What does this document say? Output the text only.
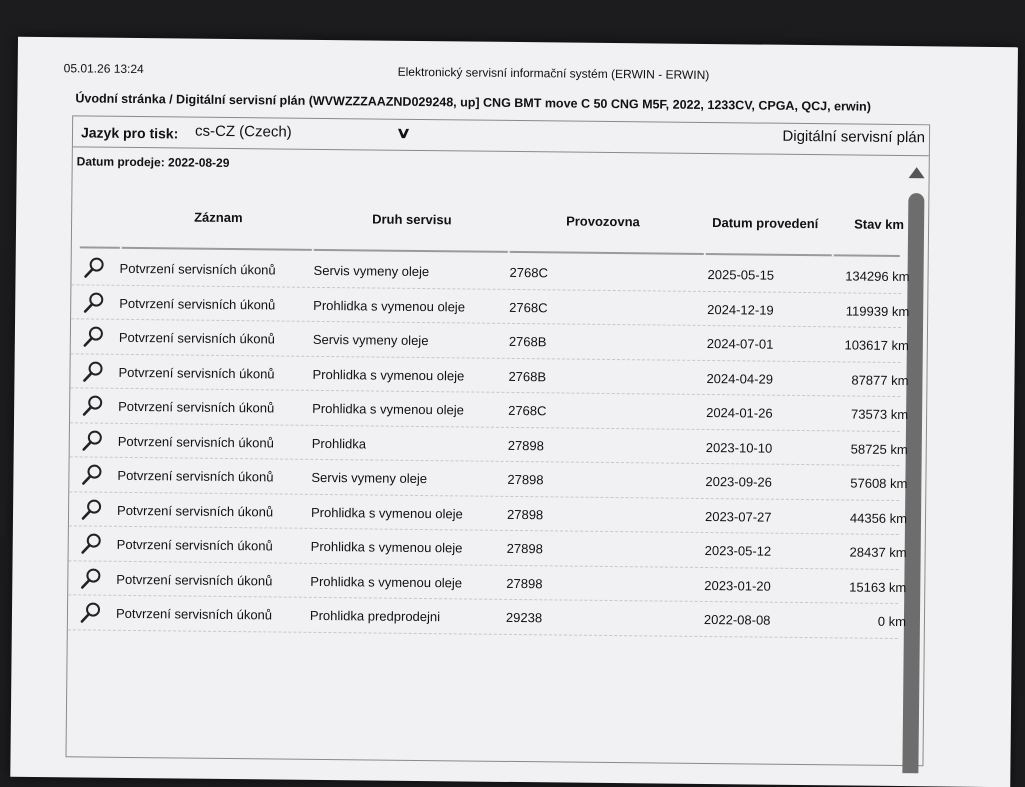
05.01.26 13:24	Elektronický servisní informační systém (ERWIN - ERWIN)
Úvodní stránka / Digitální servisní plán (WVWZZZAAZND029248, up] CNG BMT move C 50 CNG M5F, 2022, 1233CV, CPGA, QCJ, erwin)
Jazyk pro tisk: cs-CZ (Czech)	∨	Digitální servisní plán
Datum prodeje: 2022-08-29
Záznam	Druh servisu	Provozovna	Datum provedení	Stav km
Potvrzení servisních úkonů	Servis vymeny oleje	2768C	2025-05-15	134296 km
Potvrzení servisních úkonů	Prohlidka s vymenou oleje	2768C	2024-12-19	119939 km
Potvrzení servisních úkonů	Servis vymeny oleje	2768B	2024-07-01	103617 km
Potvrzení servisních úkonů	Prohlidka s vymenou oleje	2768B	2024-04-29	87877 km
Potvrzení servisních úkonů	Prohlidka s vymenou oleje	2768C	2024-01-26	73573 km
Potvrzení servisních úkonů	Prohlidka	27898	2023-10-10	58725 km
Potvrzení servisních úkonů	Servis vymeny oleje	27898	2023-09-26	57608 km
Potvrzení servisních úkonů	Prohlidka s vymenou oleje	27898	2023-07-27	44356 km
Potvrzení servisních úkonů	Prohlidka s vymenou oleje	27898	2023-05-12	28437 km
Potvrzení servisních úkonů	Prohlidka s vymenou oleje	27898	2023-01-20	15163 km
Potvrzení servisních úkonů	Prohlidka predprodejni	29238	2022-08-08	0 km
